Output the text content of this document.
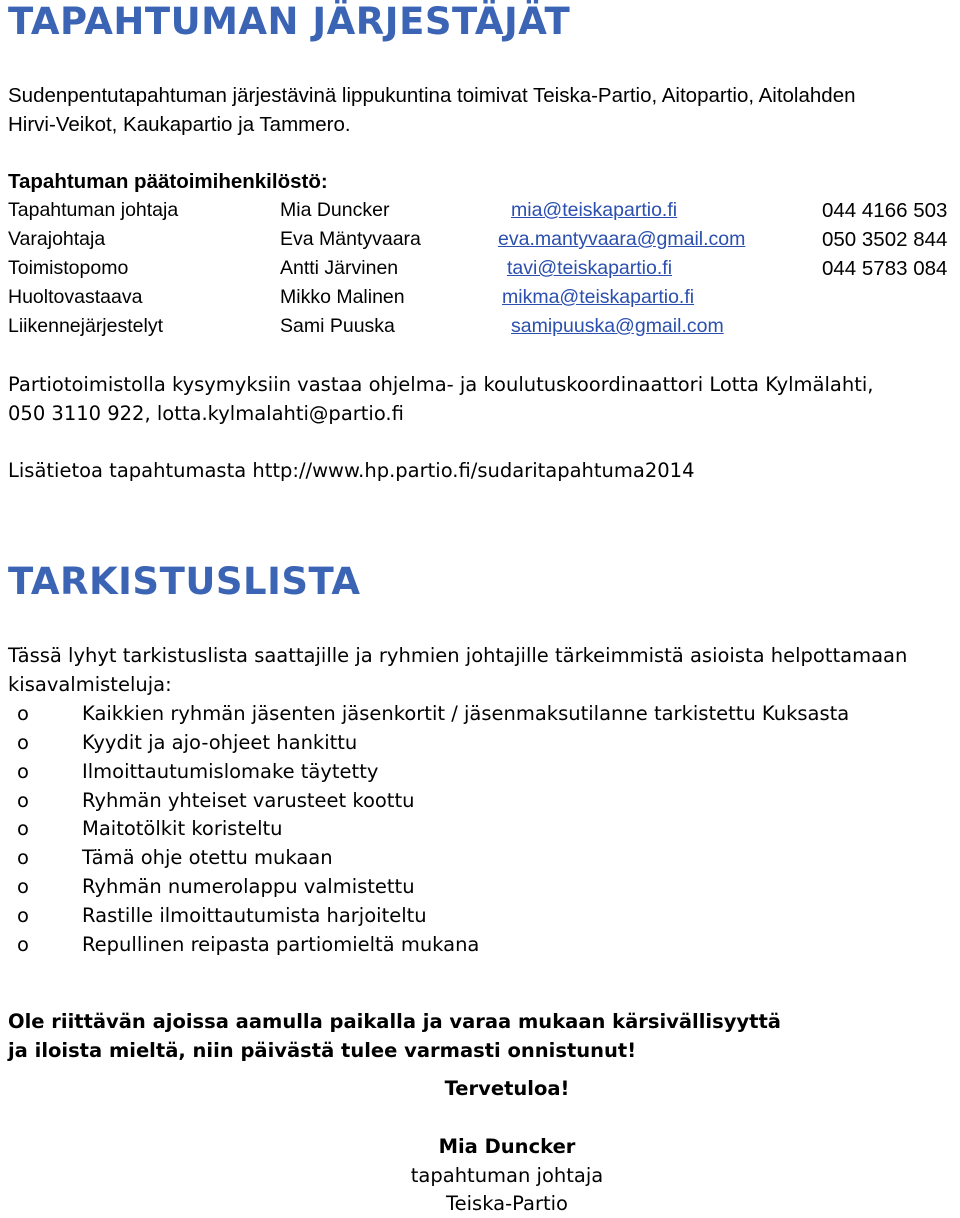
TAPAHTUMAN JÄRJESTÄJÄT

Sudenpentutapahtuman järjestävinä lippukuntina toimivat Teiska-Partio, Aitopartio, Aitolahden

Hirvi-Veikot, Kaukapartio ja Tammero.

Tapahtuman päätoimihenkilöstö:

Tapahtuman johtaja	Mia Duncker	mia@teiskapartio.fi	044 4166 503
Varajohtaja	Eva Mäntyvaara	eva.mantyvaara@gmail.com	050 3502 844
Toimistopomo	Antti Järvinen	tavi@teiskapartio.fi	044 5783 084
Huoltovastaava	Mikko Malinen	mikma@teiskapartio.fi
Liikennejärjestelyt	Sami Puuska	samipuuska@gmail.com

Partiotoimistolla kysymyksiin vastaa ohjelma- ja koulutuskoordinaattori Lotta Kylmälahti,

050 3110 922, lotta.kylmalahti@partio.fi

Lisätietoa tapahtumasta http://www.hp.partio.fi/sudaritapahtuma2014

TARKISTUSLISTA

Tässä lyhyt tarkistuslista saattajille ja ryhmien johtajille tärkeimmistä asioista helpottamaan

kisavalmisteluja:

o	Kaikkien ryhmän jäsenten jäsenkortit / jäsenmaksutilanne tarkistettu Kuksasta
o	Kyydit ja ajo-ohjeet hankittu
o	Ilmoittautumislomake täytetty
o	Ryhmän yhteiset varusteet koottu
o	Maitotölkit koristeltu
o	Tämä ohje otettu mukaan
o	Ryhmän numerolappu valmistettu
o	Rastille ilmoittautumista harjoiteltu
o	Repullinen reipasta partiomieltä mukana

Ole riittävän ajoissa aamulla paikalla ja varaa mukaan kärsivällisyyttä

ja iloista mieltä, niin päivästä tulee varmasti onnistunut!

Tervetuloa!
Mia Duncker
tapahtuman johtaja
Teiska-Partio
